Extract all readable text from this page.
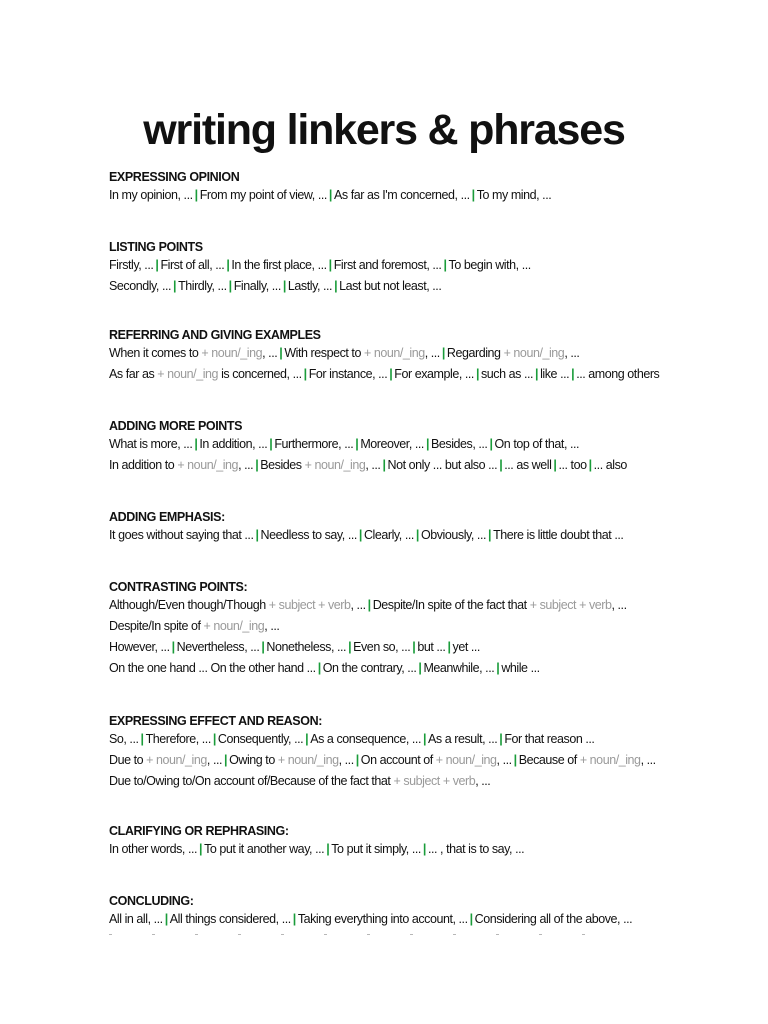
writing linkers & phrases
EXPRESSING OPINION
In my opinion, ... | From my point of view, ... | As far as I'm concerned, ... | To my mind, ...
LISTING POINTS
Firstly, ... | First of all, ... | In the first place, ... | First and foremost, ... | To begin with, ...
Secondly, ... | Thirdly, ... | Finally, ... | Lastly, ... | Last but not least, ...
REFERRING AND GIVING EXAMPLES
When it comes to + noun/_ing, ... | With respect to + noun/_ing, ... | Regarding + noun/_ing, ...
As far as + noun/_ing is concerned, ... | For instance, ... | For example, ... | such as ... | like ... | ... among others
ADDING MORE POINTS
What is more, ... | In addition, ... | Furthermore, ... | Moreover, ... | Besides, ... | On top of that, ...
In addition to + noun/_ing, ... | Besides + noun/_ing, ... | Not only ... but also ... | ... as well | ... too | ... also
ADDING EMPHASIS:
It goes without saying that ... | Needless to say, ... | Clearly, ... | Obviously, ... | There is little doubt that ...
CONTRASTING POINTS:
Although/Even though/Though + subject + verb, ... | Despite/In spite of the fact that + subject + verb, ...
Despite/In spite of + noun/_ing, ...
However, ... | Nevertheless, ... | Nonetheless, ... | Even so, ... | but ... | yet ...
On the one hand ... On the other hand ... | On the contrary, ... | Meanwhile, ... | while ...
EXPRESSING EFFECT AND REASON:
So, ... | Therefore, ... | Consequently, ... | As a consequence, ... | As a result, ... | For that reason ...
Due to + noun/_ing, ... | Owing to + noun/_ing, ... | On account of + noun/_ing, ... | Because of + noun/_ing, ...
Due to/Owing to/On account of/Because of the fact that + subject + verb, ...
CLARIFYING OR REPHRASING:
In other words, ... | To put it another way, ... | To put it simply, ... | ... , that is to say, ...
CONCLUDING:
All in all, ... | All things considered, ... | Taking everything into account, ... | Considering all of the above, ...
